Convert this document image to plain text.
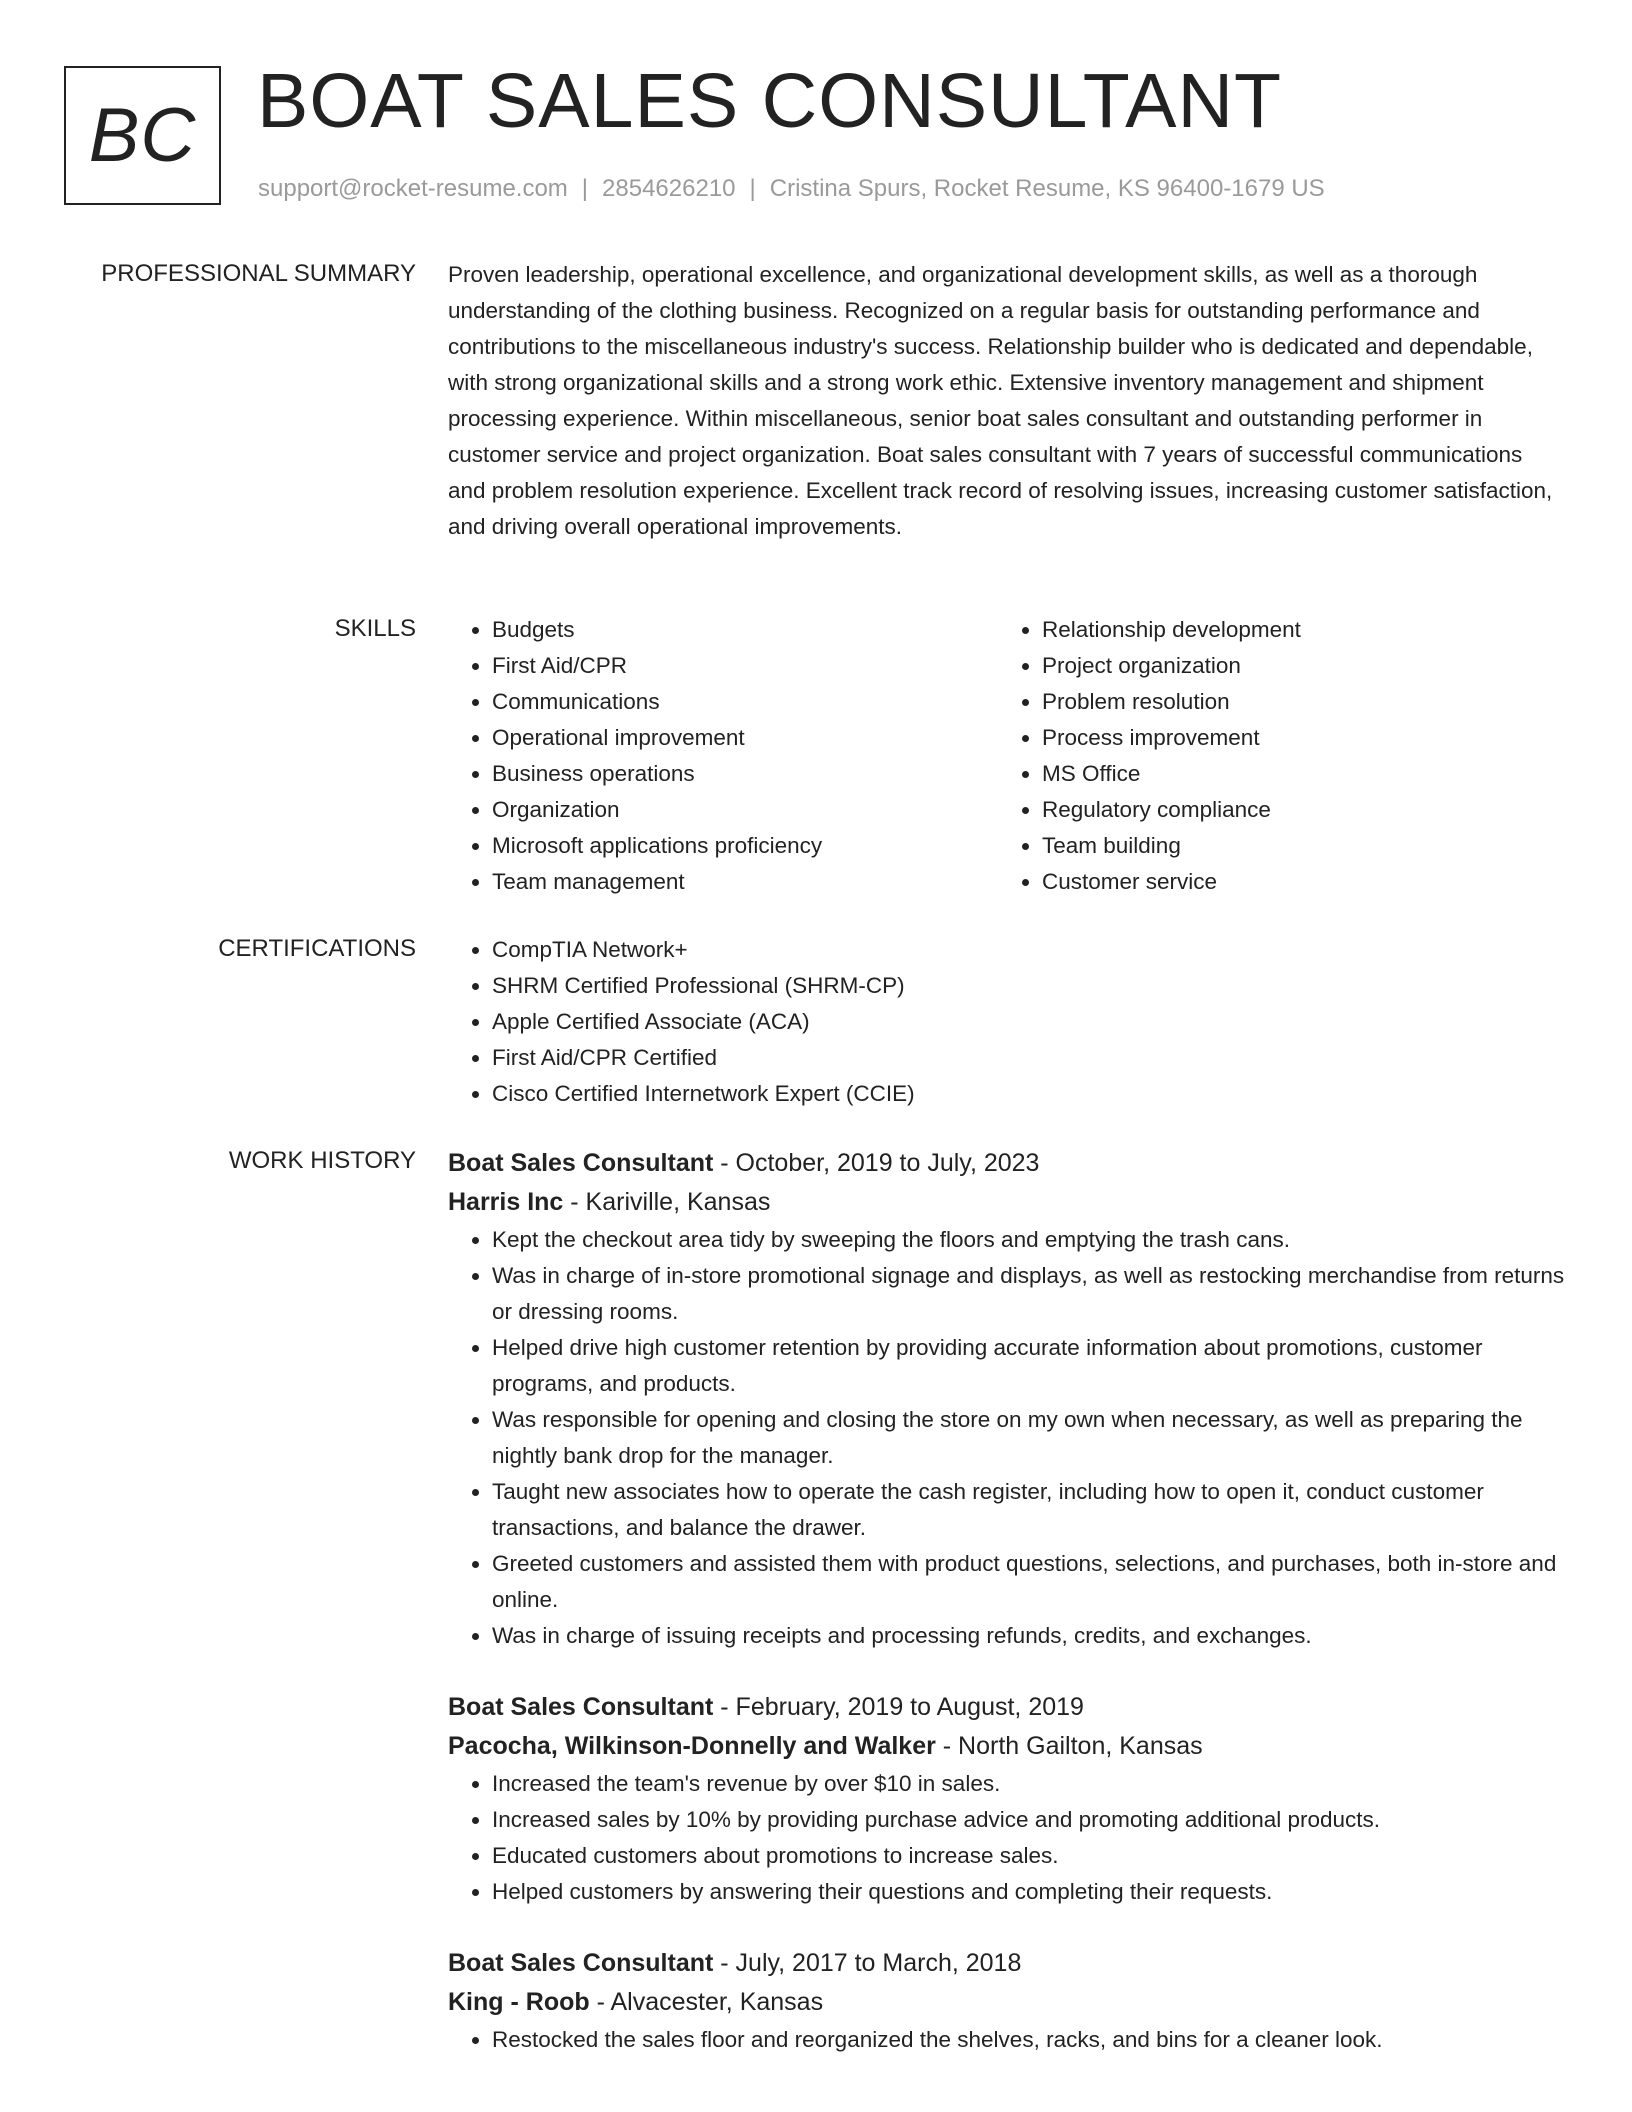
BC BOAT SALES CONSULTANT
support@rocket-resume.com | 2854626210 | Cristina Spurs, Rocket Resume, KS 96400-1679 US
PROFESSIONAL SUMMARY Proven leadership, operational excellence, and organizational development skills, as well as a thorough understanding of the clothing business. Recognized on a regular basis for outstanding performance and contributions to the miscellaneous industry's success. Relationship builder who is dedicated and dependable, with strong organizational skills and a strong work ethic. Extensive inventory management and shipment processing experience. Within miscellaneous, senior boat sales consultant and outstanding performer in customer service and project organization. Boat sales consultant with 7 years of successful communications and problem resolution experience. Excellent track record of resolving issues, increasing customer satisfaction, and driving overall operational improvements.

SKILLS	• Budgets
• First Aid/CPR
• Communications
• Operational improvement
• Business operations
• Organization
• Microsoft applications proficiency
• Team management
• Relationship development
• Project organization
• Problem resolution
• Process improvement
• MS Office
• Regulatory compliance
• Team building
• Customer service
CERTIFICATIONS	• CompTIA Network+
• SHRM Certified Professional (SHRM-CP)
• Apple Certified Associate (ACA)
• First Aid/CPR Certified
• Cisco Certified Internetwork Expert (CCIE)
WORK HISTORY Boat Sales Consultant - October, 2019 to July, 2023
Harris Inc - Kariville, Kansas
• Kept the checkout area tidy by sweeping the floors and emptying the trash cans.
• Was in charge of in-store promotional signage and displays, as well as restocking merchandise from returns or dressing rooms.
• Helped drive high customer retention by providing accurate information about promotions, customer programs, and products.
• Was responsible for opening and closing the store on my own when necessary, as well as preparing the nightly bank drop for the manager.
• Taught new associates how to operate the cash register, including how to open it, conduct customer transactions, and balance the drawer.
• Greeted customers and assisted them with product questions, selections, and purchases, both in-store and online.
• Was in charge of issuing receipts and processing refunds, credits, and exchanges.
Boat Sales Consultant - February, 2019 to August, 2019
Pacocha, Wilkinson-Donnelly and Walker - North Gailton, Kansas
• Increased the team's revenue by over $10 in sales.
• Increased sales by 10% by providing purchase advice and promoting additional products.
• Educated customers about promotions to increase sales.
• Helped customers by answering their questions and completing their requests.
Boat Sales Consultant - July, 2017 to March, 2018
King - Roob - Alvacester, Kansas
• Restocked the sales floor and reorganized the shelves, racks, and bins for a cleaner look.
